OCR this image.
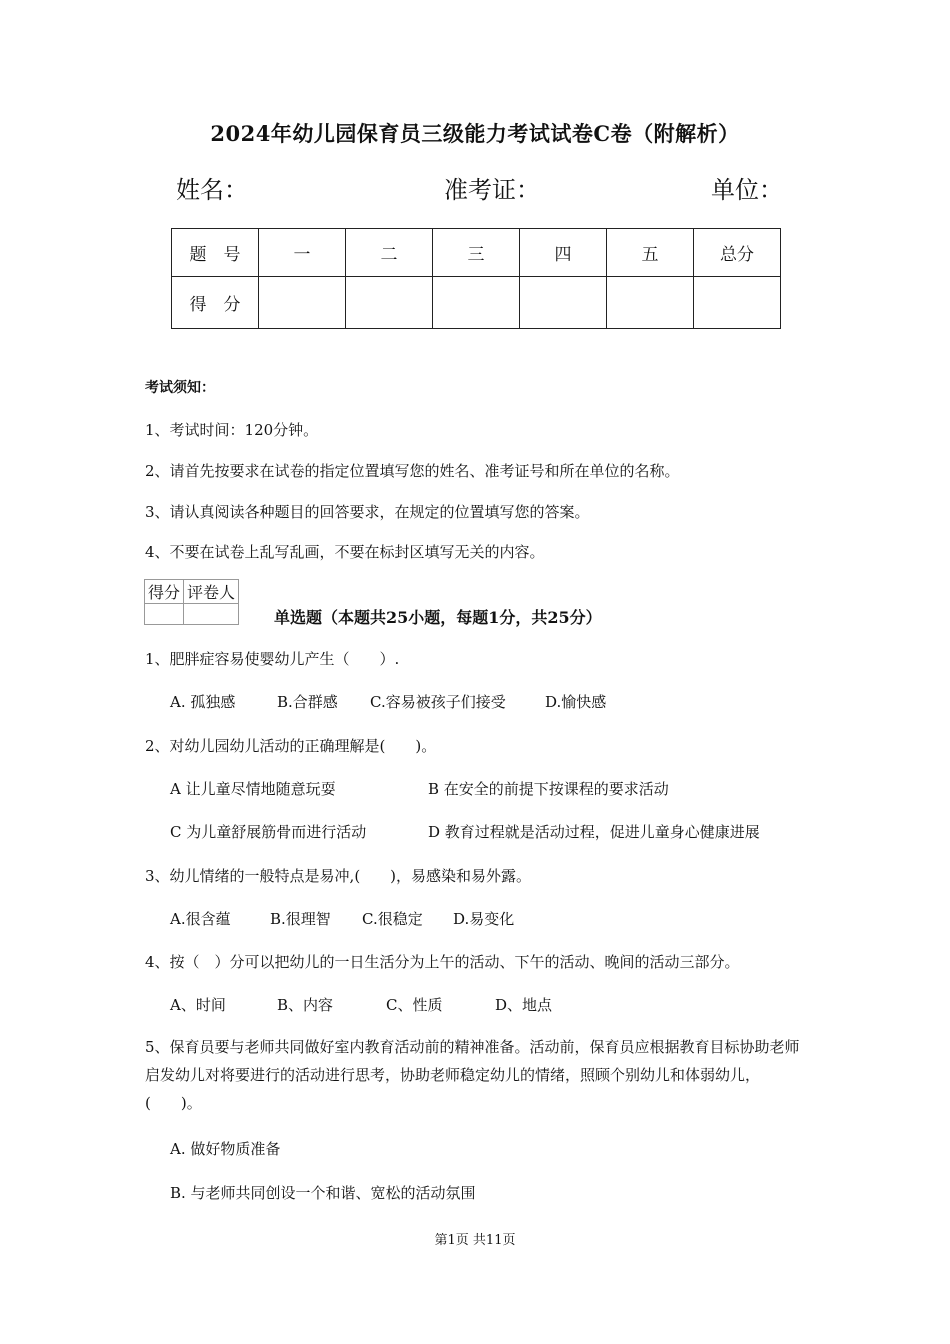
2024年幼儿园保育员三级能力考试试卷C卷（附解析）
姓名：	准考证：	单位：
题　号	一	二	三	四	五	总分
得　分						
考试须知：
1、考试时间：120分钟。
2、请首先按要求在试卷的指定位置填写您的姓名、准考证号和所在单位的名称。
3、请认真阅读各种题目的回答要求，在规定的位置填写您的答案。
4、不要在试卷上乱写乱画，不要在标封区填写无关的内容。
得分	评卷人

单选题（本题共25小题，每题1分，共25分）
1、肥胖症容易使婴幼儿产生（　　）.
A. 孤独感	B.合群感 C.容易被孩子们接受	D.愉快感
2、对幼儿园幼儿活动的正确理解是(　　)。
A 让儿童尽情地随意玩耍	B 在安全的前提下按课程的要求活动
C 为儿童舒展筋骨而进行活动	D 教育过程就是活动过程，促进儿童身心健康进展
3、幼儿情绪的一般特点是易冲,(　　)，易感染和易外露。
A.很含蕴	B.很理智 C.很稳定 D.易变化
4、按（　）分可以把幼儿的一日生活分为上午的活动、下午的活动、晚间的活动三部分。
A、时间	B、内容	C、性质	D、地点
5、保育员要与老师共同做好室内教育活动前的精神准备。活动前，保育员应根据教育目标协助老师启发幼儿对将要进行的活动进行思考，协助老师稳定幼儿的情绪，照顾个别幼儿和体弱幼儿，(　　)。
A. 做好物质准备
B. 与老师共同创设一个和谐、宽松的活动氛围
第1页 共11页
